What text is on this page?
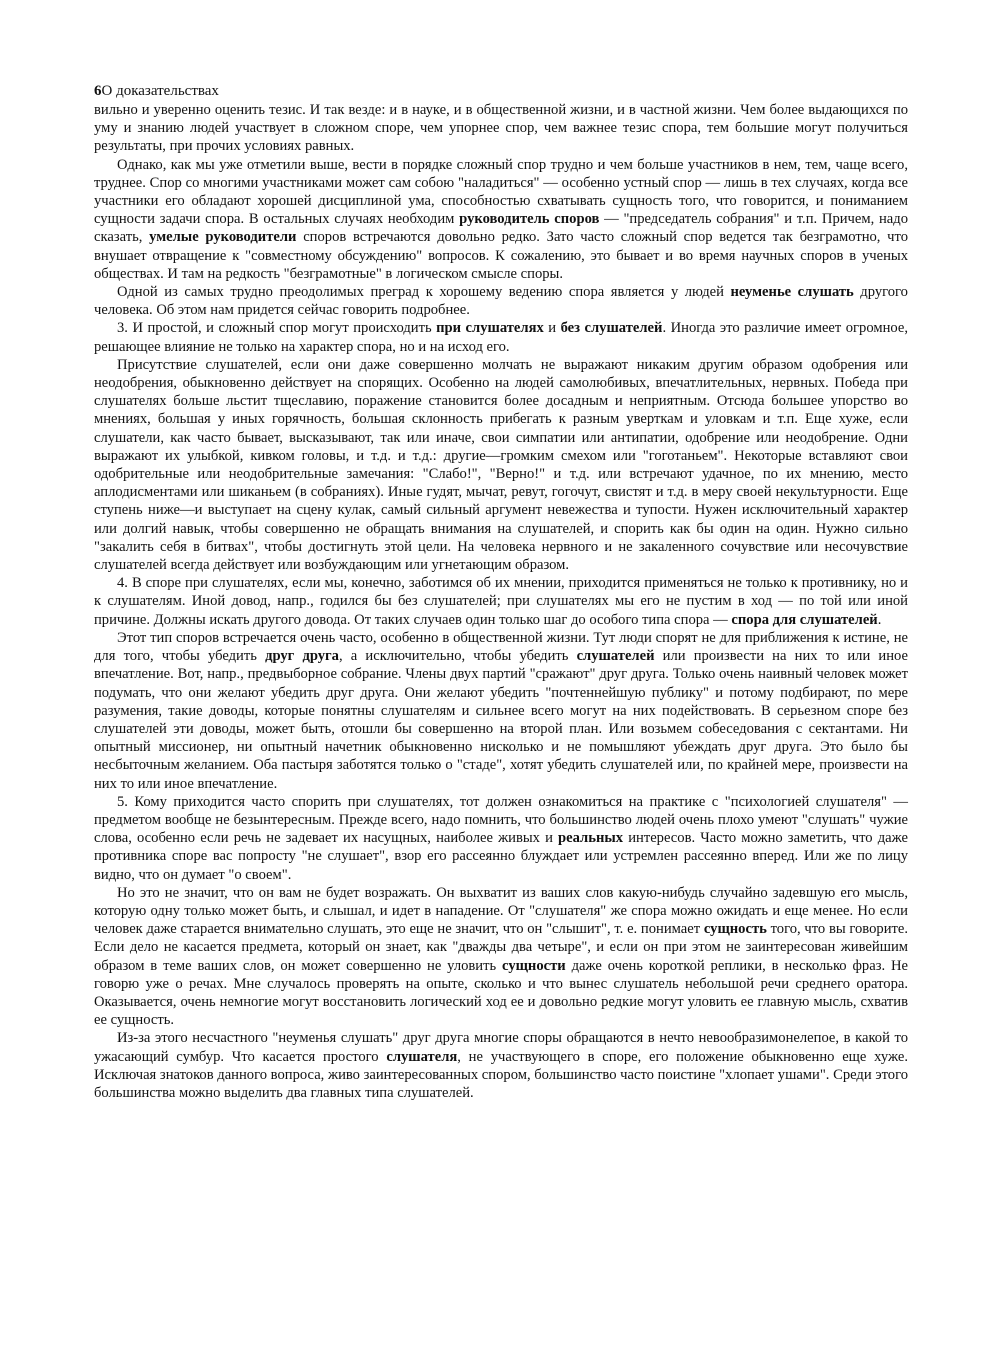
6О доказательствах

вильно и уверенно оценить тезис. И так везде: и в науке, и в общественной жизни, и в частной жизни. Чем более выдающихся по уму и знанию людей участвует в сложном споре, чем упорнее спор, чем важнее тезис спора, тем большие могут получиться результаты, при прочих условиях равных.

Однако, как мы уже отметили выше, вести в порядке сложный спор трудно и чем больше участников в нем, тем, чаще всего, труднее. Спор со многими участниками может сам собою "наладиться" — особенно устный спор — лишь в тех случаях, когда все участники его обладают хорошей дисциплиной ума, способностью схватывать сущность того, что говорится, и пониманием сущности задачи спора. В остальных случаях необходим руководитель споров — "председатель собрания" и т.п. Причем, надо сказать, умелые руководители споров встречаются довольно редко. Зато часто сложный спор ведется так безграмотно, что внушает отвращение к "совместному обсуждению" вопросов. К сожалению, это бывает и во время научных споров в ученых обществах. И там на редкость "безграмотные" в логическом смысле споры.

Одной из самых трудно преодолимых преград к хорошему ведению спора является у людей неуменье слушать другого человека. Об этом нам придется сейчас говорить подробнее.

3. И простой, и сложный спор могут происходить при слушателях и без слушателей. Иногда это различие имеет огромное, решающее влияние не только на характер спора, но и на исход его.

Присутствие слушателей, если они даже совершенно молчать не выражают никаким другим образом одобрения или неодобрения, обыкновенно действует на спорящих. Особенно на людей самолюбивых, впечатлительных, нервных. Победа при слушателях больше льстит тщеславию, поражение становится более досадным и неприятным. Отсюда большее упорство во мнениях, большая у иных горячность, большая склонность прибегать к разным уверткам и уловкам и т.п. Еще хуже, если слушатели, как часто бывает, высказывают, так или иначе, свои симпатии или антипатии, одобрение или неодобрение. Одни выражают их улыбкой, кивком головы, и т.д. и т.д.: другие—громким смехом или "гоготаньем". Некоторые вставляют свои одобрительные или неодобрительные замечания: "Слабо!", "Верно!" и т.д. или встречают удачное, по их мнению, место аплодисментами или шиканьем (в собраниях). Иные гудят, мычат, ревут, гогочут, свистят и т.д. в меру своей некультурности. Еще ступень ниже—и выступает на сцену кулак, самый сильный аргумент невежества и тупости. Нужен исключительный характер или долгий навык, чтобы совершенно не обращать внимания на слушателей, и спорить как бы один на один. Нужно сильно "закалить себя в битвах", чтобы достигнуть этой цели. На человека нервного и не закаленного сочувствие или несочувствие слушателей всегда действует или возбуждающим или угнетающим образом.

4. В споре при слушателях, если мы, конечно, заботимся об их мнении, приходится применяться не только к противнику, но и к слушателям. Иной довод, напр., годился бы без слушателей; при слушателях мы его не пустим в ход — по той или иной причине. Должны искать другого довода. От таких случаев один только шаг до особого типа спора — спора для слушателей.

Этот тип споров встречается очень часто, особенно в общественной жизни. Тут люди спорят не для приближения к истине, не для того, чтобы убедить друг друга, а исключительно, чтобы убедить слушателей или произвести на них то или иное впечатление. Вот, напр., предвыборное собрание. Члены двух партий "сражают" друг друга. Только очень наивный человек может подумать, что они желают убедить друг друга. Они желают убедить "почтеннейшую публику" и потому подбирают, по мере разумения, такие доводы, которые понятны слушателям и сильнее всего могут на них подействовать. В серьезном споре без слушателей эти доводы, может быть, отошли бы совершенно на второй план. Или возьмем собеседования с сектантами. Ни опытный миссионер, ни опытный начетник обыкновенно нисколько и не помышляют убеждать друг друга. Это было бы несбыточным желанием. Оба пастыря заботятся только о "стаде", хотят убедить слушателей или, по крайней мере, произвести на них то или иное впечатление.

5. Кому приходится часто спорить при слушателях, тот должен ознакомиться на практике с "психологией слушателя" — предметом вообще не безынтересным. Прежде всего, надо помнить, что большинство людей очень плохо умеют "слушать" чужие слова, особенно если речь не задевает их насущных, наиболее живых и реальных интересов. Часто можно заметить, что даже противника споре вас попросту "не слушает", взор его рассеянно блуждает или устремлен рассеянно вперед. Или же по лицу видно, что он думает "о своем".

Но это не значит, что он вам не будет возражать. Он выхватит из ваших слов какую-нибудь случайно задевшую его мысль, которую одну только может быть, и слышал, и идет в нападение. От "слушателя" же спора можно ожидать и еще менее. Но если человек даже старается внимательно слушать, это еще не значит, что он "слышит", т. е. понимает сущность того, что вы говорите. Если дело не касается предмета, который он знает, как "дважды два четыре", и если он при этом не заинтересован живейшим образом в теме ваших слов, он может совершенно не уловить сущности даже очень короткой реплики, в несколько фраз. Не говорю уже о речах. Мне случалось проверять на опыте, сколько и что вынес слушатель небольшой речи среднего оратора. Оказывается, очень немногие могут восстановить логический ход ее и довольно редкие могут уловить ее главную мысль, схватив ее сущность.

Из-за этого несчастного "неуменья слушать" друг друга многие споры обращаются в нечто невообразимонелепое, в какой то ужасающий сумбур. Что касается простого слушателя, не участвующего в споре, его положение обыкновенно еще хуже. Исключая знатоков данного вопроса, живо заинтересованных спором, большинство часто поистине "хлопает ушами". Среди этого большинства можно выделить два главных типа слушателей.
